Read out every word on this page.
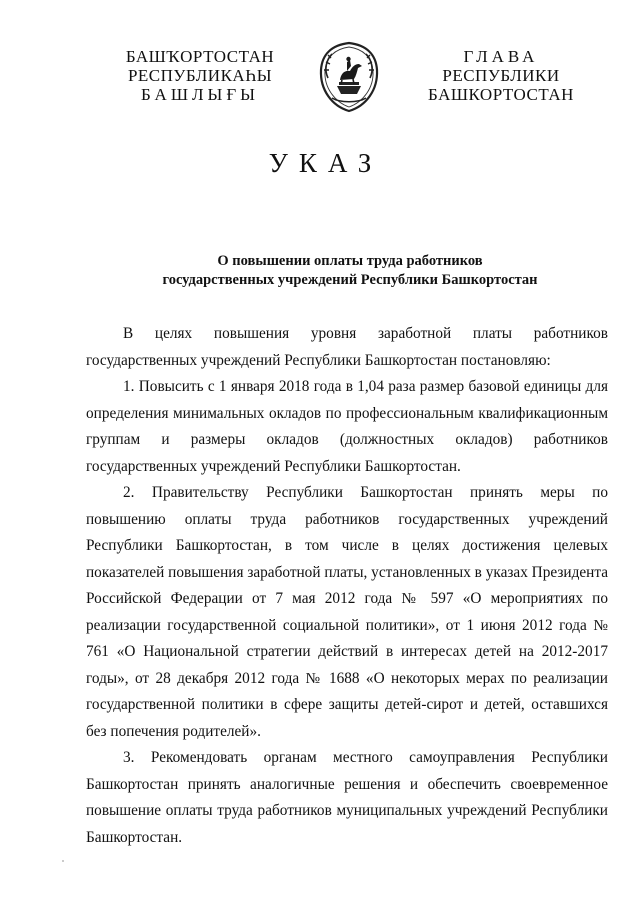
БАШҠОРТОСТАН
РЕСПУБЛИКАҺЫ
БАШЛЫҒЫ
ГЛАВА
РЕСПУБЛИКИ
БАШКОРТОСТАН
УКАЗ
О повышении оплаты труда работников
государственных учреждений Республики Башкортостан

В целях повышения уровня заработной платы работников государственных учреждений Республики Башкортостан постановляю:

1. Повысить с 1 января 2018 года в 1,04 раза размер базовой единицы для определения минимальных окладов по профессиональным квалификационным группам и размеры окладов (должностных окладов) работников государственных учреждений Республики Башкортостан.

2. Правительству Республики Башкортостан принять меры по повышению оплаты труда работников государственных учреждений Республики Башкортостан, в том числе в целях достижения целевых показателей повышения заработной платы, установленных в указах Президента Российской Федерации от 7 мая 2012 года № 597 «О мероприятиях по реализации государственной социальной политики», от 1 июня 2012 года № 761 «О Национальной стратегии действий в интересах детей на 2012-2017 годы», от 28 декабря 2012 года № 1688 «О некоторых мерах по реализации государственной политики в сфере защиты детей-сирот и детей, оставшихся без попечения родителей».

3. Рекомендовать органам местного самоуправления Республики Башкортостан принять аналогичные решения и обеспечить своевременное повышение оплаты труда работников муниципальных учреждений Республики Башкортостан.
